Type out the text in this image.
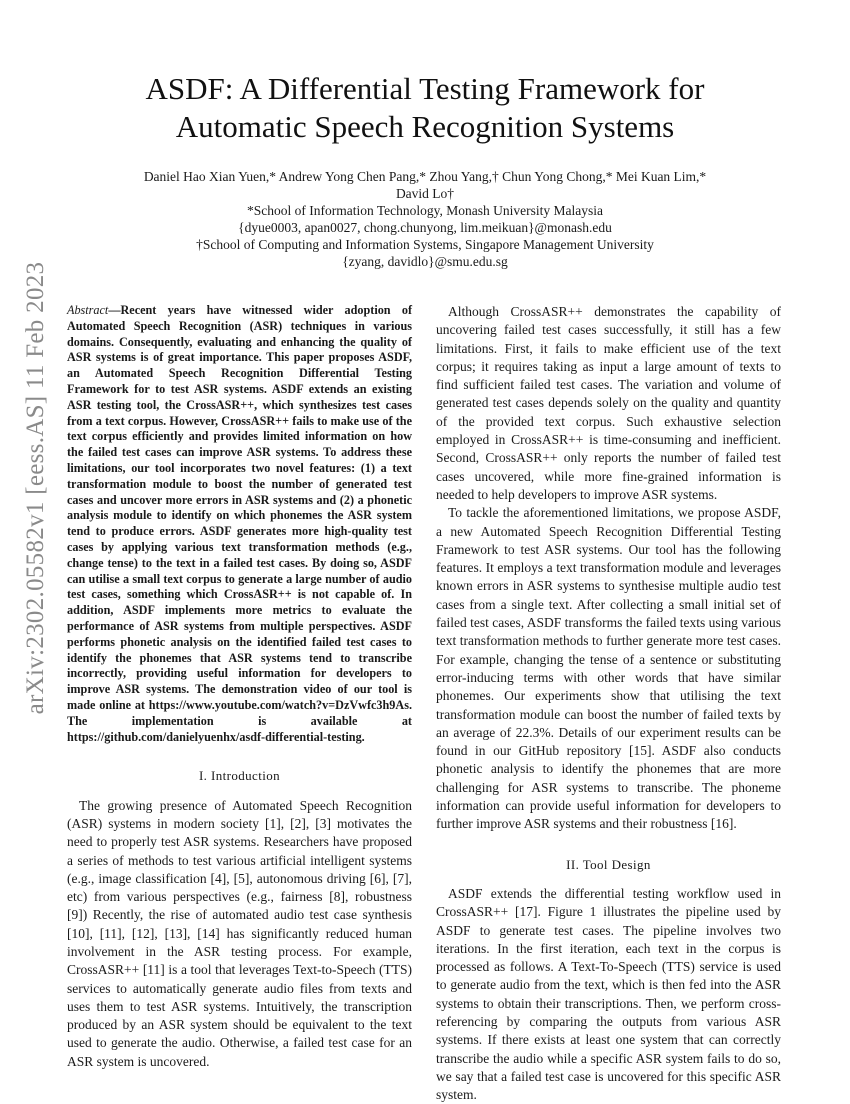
arXiv:2302.05582v1 [eess.AS] 11 Feb 2023
ASDF: A Differential Testing Framework for
Automatic Speech Recognition Systems
Daniel Hao Xian Yuen,* Andrew Yong Chen Pang,* Zhou Yang,† Chun Yong Chong,* Mei Kuan Lim,*
David Lo†
*School of Information Technology, Monash University Malaysia
{dyue0003, apan0027, chong.chunyong, lim.meikuan}@monash.edu
†School of Computing and Information Systems, Singapore Management University
{zyang, davidlo}@smu.edu.sg

Abstract—Recent years have witnessed wider adoption of Automated Speech Recognition (ASR) techniques in various domains. Consequently, evaluating and enhancing the quality of ASR systems is of great importance. This paper proposes ASDF, an Automated Speech Recognition Differential Testing Framework for to test ASR systems. ASDF extends an existing ASR testing tool, the CrossASR++, which synthesizes test cases from a text corpus. However, CrossASR++ fails to make use of the text corpus efficiently and provides limited information on how the failed test cases can improve ASR systems. To address these limitations, our tool incorporates two novel features: (1) a text transformation module to boost the number of generated test cases and uncover more errors in ASR systems and (2) a phonetic analysis module to identify on which phonemes the ASR system tend to produce errors. ASDF generates more high-quality test cases by applying various text transformation methods (e.g., change tense) to the text in a failed test cases. By doing so, ASDF can utilise a small text corpus to generate a large number of audio test cases, something which CrossASR++ is not capable of. In addition, ASDF implements more metrics to evaluate the performance of ASR systems from multiple perspectives. ASDF performs phonetic analysis on the identified failed test cases to identify the phonemes that ASR systems tend to transcribe incorrectly, providing useful information for developers to improve ASR systems. The demonstration video of our tool is made online at https://www.youtube.com/watch?v=DzVwfc3h9As. The implementation is available at https://github.com/danielyuenhx/asdf-differential-testing.

I. Introduction

The growing presence of Automated Speech Recognition (ASR) systems in modern society [1], [2], [3] motivates the need to properly test ASR systems. Researchers have proposed a series of methods to test various artificial intelligent systems (e.g., image classification [4], [5], autonomous driving [6], [7], etc) from various perspectives (e.g., fairness [8], robustness [9]) Recently, the rise of automated audio test case synthesis [10], [11], [12], [13], [14] has significantly reduced human involvement in the ASR testing process. For example, CrossASR++ [11] is a tool that leverages Text-to-Speech (TTS) services to automatically generate audio files from texts and uses them to test ASR systems. Intuitively, the transcription produced by an ASR system should be equivalent to the text used to generate the audio. Otherwise, a failed test case for an ASR system is uncovered.

Although CrossASR++ demonstrates the capability of uncovering failed test cases successfully, it still has a few limitations. First, it fails to make efficient use of the text corpus; it requires taking as input a large amount of texts to find sufficient failed test cases. The variation and volume of generated test cases depends solely on the quality and quantity of the provided text corpus. Such exhaustive selection employed in CrossASR++ is time-consuming and inefficient. Second, CrossASR++ only reports the number of failed test cases uncovered, while more fine-grained information is needed to help developers to improve ASR systems.

To tackle the aforementioned limitations, we propose ASDF, a new Automated Speech Recognition Differential Testing Framework to test ASR systems. Our tool has the following features. It employs a text transformation module and leverages known errors in ASR systems to synthesise multiple audio test cases from a single text. After collecting a small initial set of failed test cases, ASDF transforms the failed texts using various text transformation methods to further generate more test cases. For example, changing the tense of a sentence or substituting error-inducing terms with other words that have similar phonemes. Our experiments show that utilising the text transformation module can boost the number of failed texts by an average of 22.3%. Details of our experiment results can be found in our GitHub repository [15]. ASDF also conducts phonetic analysis to identify the phonemes that are more challenging for ASR systems to transcribe. The phoneme information can provide useful information for developers to further improve ASR systems and their robustness [16].

II. Tool Design

ASDF extends the differential testing workflow used in CrossASR++ [17]. Figure 1 illustrates the pipeline used by ASDF to generate test cases. The pipeline involves two iterations. In the first iteration, each text in the corpus is processed as follows. A Text-To-Speech (TTS) service is used to generate audio from the text, which is then fed into the ASR systems to obtain their transcriptions. Then, we perform cross-referencing by comparing the outputs from various ASR systems. If there exists at least one system that can correctly transcribe the audio while a specific ASR system fails to do so, we say that a failed test case is uncovered for this specific ASR system.
